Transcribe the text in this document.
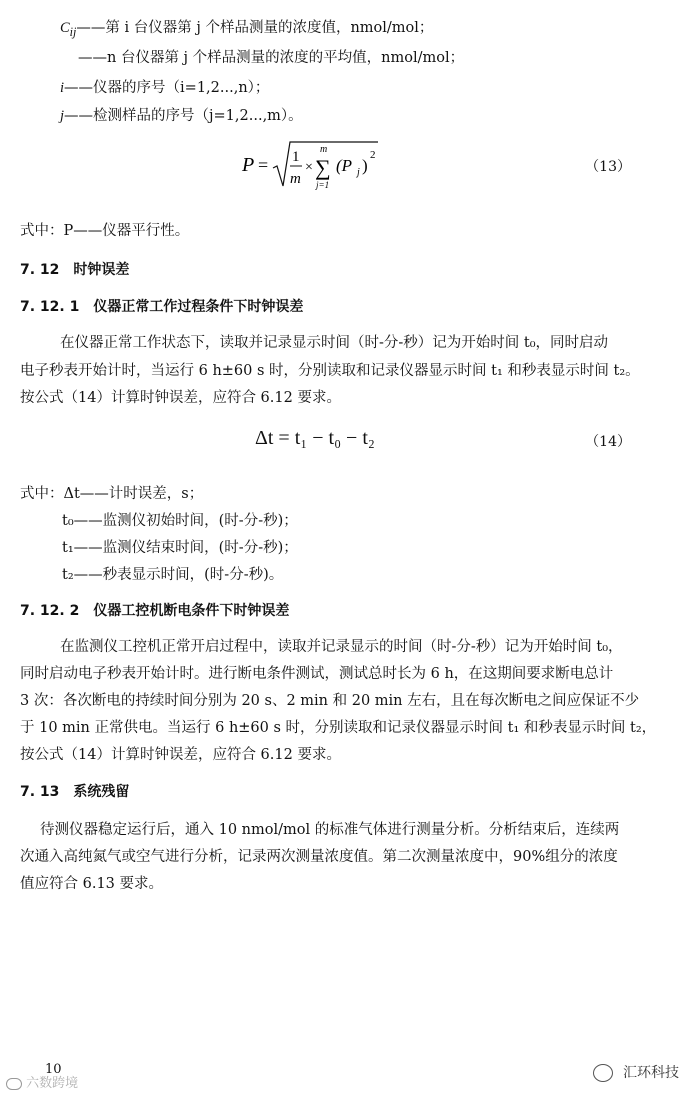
$C_{ij}——$第 i 台仪器第 j 个样品测量的浓度值，nmol/mol；
——n 台仪器第 j 个样品测量的浓度的平均值，nmol/mol；
i——仪器的序号（i=1,2...,n）；
j——检测样品的序号（j=1,2...,m）。
P = 1
m
×
m
∑
j=1
(P j )
2
（13）
式中：P——仪器平行性。
7. 12　时钟误差
7. 12. 1　仪器正常工作过程条件下时钟误差
在仪器正常工作状态下，读取并记录显示时间（时-分-秒）记为开始时间 t₀，同时启动
电子秒表开始计时，当运行 6 h±60 s 时，分别读取和记录仪器显示时间 t₁ 和秒表显示时间 t₂。
按公式（14）计算时钟误差，应符合 6.12 要求。
Δt = t₁ − t₀ − t₂	（14）
式中：Δt——计时误差，s；
t₀——监测仪初始时间，(时-分-秒)；
t₁——监测仪结束时间，(时-分-秒)；
t₂——秒表显示时间，(时-分-秒)。
7. 12. 2　仪器工控机断电条件下时钟误差
在监测仪工控机正常开启过程中，读取并记录显示的时间（时-分-秒）记为开始时间 t₀，
同时启动电子秒表开始计时。进行断电条件测试，测试总时长为 6 h，在这期间要求断电总计
3 次：各次断电的持续时间分别为 20 s、2 min 和 20 min 左右，且在每次断电之间应保证不少
于 10 min 正常供电。当运行 6 h±60 s 时，分别读取和记录仪器显示时间 t₁ 和秒表显示时间 t₂，
按公式（14）计算时钟误差，应符合 6.12 要求。
7. 13　系统残留
待测仪器稳定运行后，通入 10 nmol/mol 的标准气体进行测量分析。分析结束后，连续两
次通入高纯氮气或空气进行分析，记录两次测量浓度值。第二次测量浓度中，90%组分的浓度
值应符合 6.13 要求。
10
六数跨境
汇环科技
